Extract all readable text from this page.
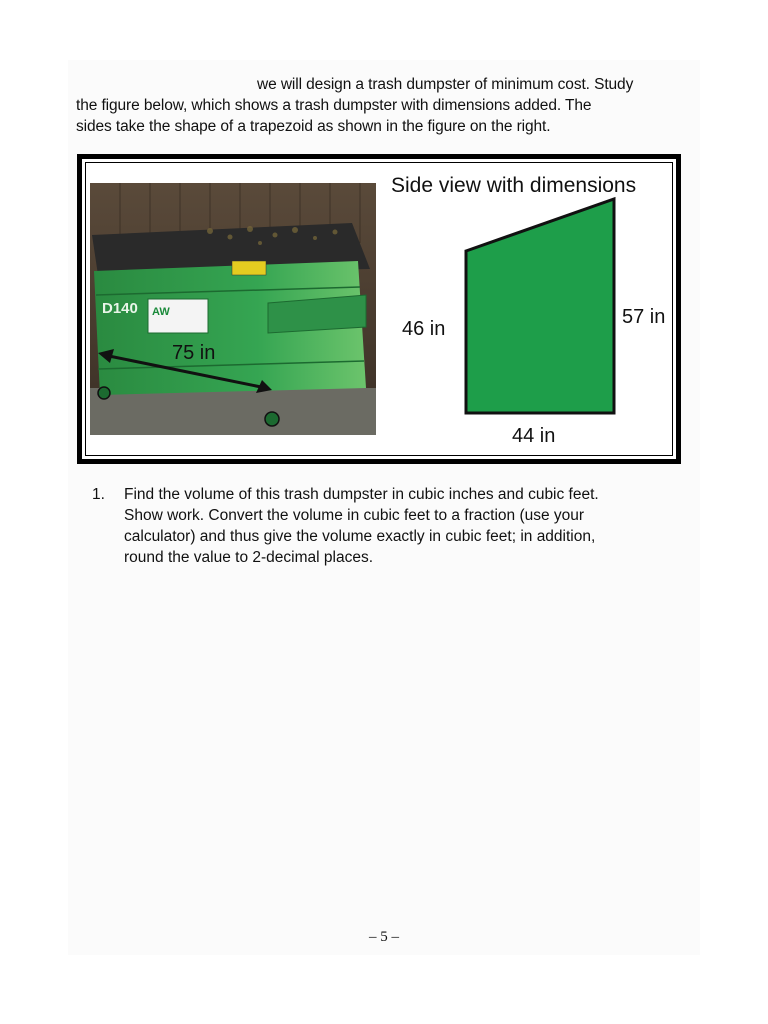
we will design a trash dumpster of minimum cost. Study
the figure below, which shows a trash dumpster with dimensions added. The
sides take the shape of a trapezoid as shown in the figure on the right.
D140 AW
75 in
Side view with dimensions
46 in
57 in
44 in
1. Find the volume of this trash dumpster in cubic inches and cubic feet.
Show work. Convert the volume in cubic feet to a fraction (use your
calculator) and thus give the volume exactly in cubic feet; in addition,
round the value to 2-decimal places.
– 5 –
